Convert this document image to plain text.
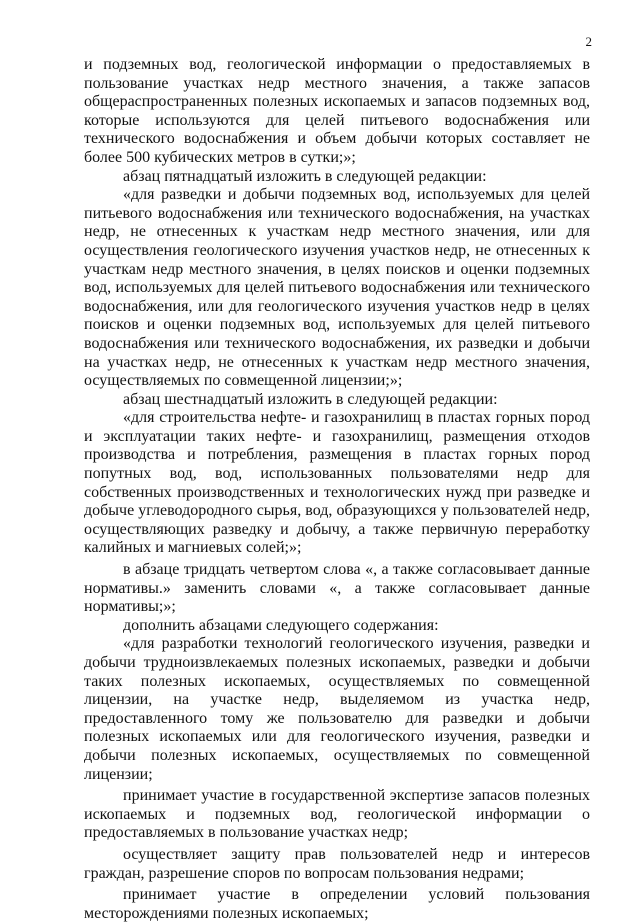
2

и подземных вод, геологической информации о предоставляемых в пользование участках недр местного значения, а также запасов общераспространенных полезных ископаемых и запасов подземных вод, которые используются для целей питьевого водоснабжения или технического водоснабжения и объем добычи которых составляет не более 500 кубических метров в сутки;»;

абзац пятнадцатый изложить в следующей редакции:

«для разведки и добычи подземных вод, используемых для целей питьевого водоснабжения или технического водоснабжения, на участках недр, не отнесенных к участкам недр местного значения, или для осуществления геологического изучения участков недр, не отнесенных к участкам недр местного значения, в целях поисков и оценки подземных вод, используемых для целей питьевого водоснабжения или технического водоснабжения, или для геологического изучения участков недр в целях поисков и оценки подземных вод, используемых для целей питьевого водоснабжения или технического водоснабжения, их разведки и добычи на участках недр, не отнесенных к участкам недр местного значения, осуществляемых по совмещенной лицензии;»;

абзац шестнадцатый изложить в следующей редакции:

«для строительства нефте- и газохранилищ в пластах горных пород и эксплуатации таких нефте- и газохранилищ, размещения отходов производства и потребления, размещения в пластах горных пород попутных вод, вод, использованных пользователями недр для собственных производственных и технологических нужд при разведке и добыче углеводородного сырья, вод, образующихся у пользователей недр, осуществляющих разведку и добычу, а также первичную переработку калийных и магниевых солей;»;

в абзаце тридцать четвертом слова «, а также согласовывает данные нормативы.» заменить словами «, а также согласовывает данные нормативы;»;

дополнить абзацами следующего содержания:

«для разработки технологий геологического изучения, разведки и добычи трудноизвлекаемых полезных ископаемых, разведки и добычи таких полезных ископаемых, осуществляемых по совмещенной лицензии, на участке недр, выделяемом из участка недр, предоставленного тому же пользователю для разведки и добычи полезных ископаемых или для геологического изучения, разведки и добычи полезных ископаемых, осуществляемых по совмещенной лицензии;

принимает участие в государственной экспертизе запасов полезных ископаемых и подземных вод, геологической информации о предоставляемых в пользование участках недр;

осуществляет защиту прав пользователей недр и интересов граждан, разрешение споров по вопросам пользования недрами;

принимает участие в определении условий пользования месторождениями полезных ископаемых;
